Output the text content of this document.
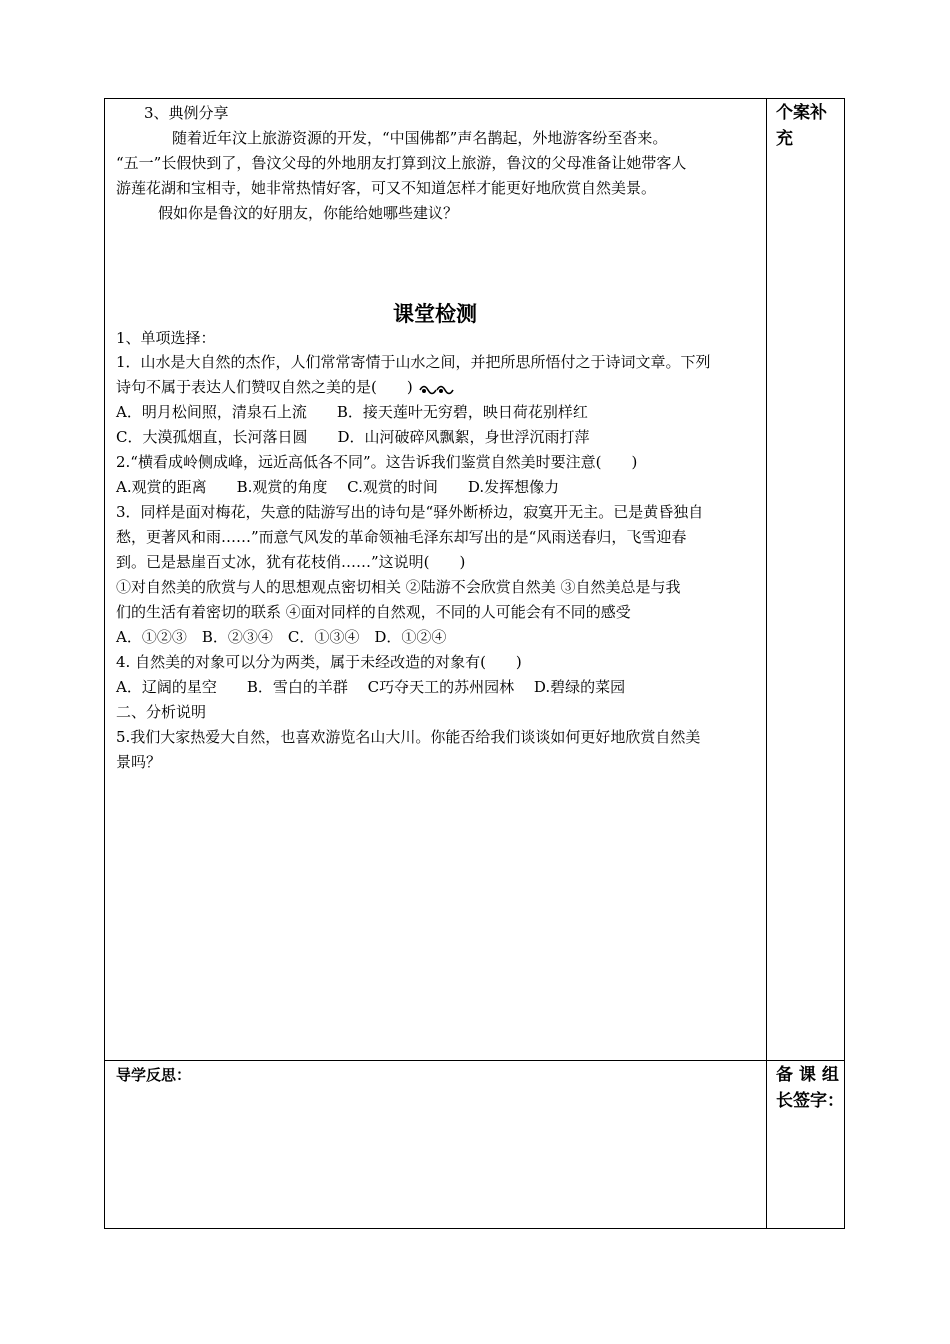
个案补
充
备 课 组
长签字：
3、典例分享
随着近年汶上旅游资源的开发，“中国佛都”声名鹊起，外地游客纷至沓来。
“五一”长假快到了，鲁汶父母的外地朋友打算到汶上旅游，鲁汶的父母准备让她带客人
游莲花湖和宝相寺，她非常热情好客，可又不知道怎样才能更好地欣赏自然美景。
假如你是鲁汶的好朋友，你能给她哪些建议？
课堂检测
1、单项选择：
1．山水是大自然的杰作，人们常常寄情于山水之间，并把所思所悟付之于诗词文章。下列
诗句不属于表达人们赞叹自然之美的是(　　)
A．明月松间照，清泉石上流　　B．接天莲叶无穷碧，映日荷花别样红
C．大漠孤烟直，长河落日圆　　D．山河破碎风飘絮，身世浮沉雨打萍
2.“横看成岭侧成峰，远近高低各不同”。这告诉我们鉴赏自然美时要注意(　　)
A.观赏的距离　　B.观赏的角度　 C.观赏的时间　　D.发挥想像力
3．同样是面对梅花，失意的陆游写出的诗句是“驿外断桥边，寂寞开无主。已是黄昏独自
愁，更著风和雨……”而意气风发的革命领袖毛泽东却写出的是“风雨送春归，飞雪迎春
到。已是悬崖百丈冰，犹有花枝俏……”这说明(　　)
①对自然美的欣赏与人的思想观点密切相关 ②陆游不会欣赏自然美 ③自然美总是与我
们的生活有着密切的联系 ④面对同样的自然观，不同的人可能会有不同的感受
A．①②③　B．②③④　C．①③④　D．①②④
4. 自然美的对象可以分为两类，属于未经改造的对象有(　　)
A．辽阔的星空　　B．雪白的羊群　 C巧夺天工的苏州园林　 D.碧绿的菜园
二、分析说明
5.我们大家热爱大自然，也喜欢游览名山大川。你能否给我们谈谈如何更好地欣赏自然美
景吗？
导学反思：
